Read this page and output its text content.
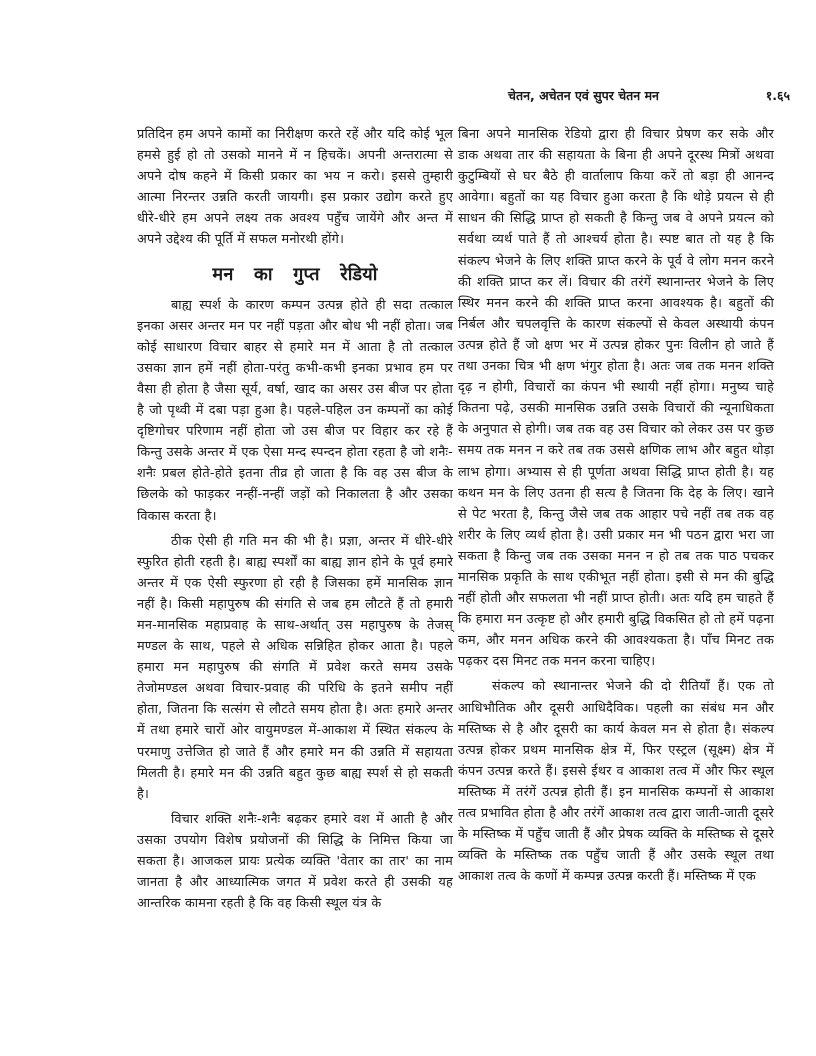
चेतन, अचेतन एवं सुपर चेतन मन	१.६५

प्रतिदिन हम अपने कामों का निरीक्षण करते रहें और यदि कोई भूल हमसे हुई हो तो उसको मानने में न हिचकें। अपनी अन्तरात्मा से अपने दोष कहने में किसी प्रकार का भय न करो। इससे तुम्हारी आत्मा निरन्तर उन्नति करती जायगी। इस प्रकार उद्योग करते हुए धीरे-धीरे हम अपने लक्ष्य तक अवश्य पहुँच जायेंगे और अन्त में अपने उद्देश्य की पूर्ति में सफल मनोरथी होंगे।

मन का गुप्त रेडियो

बाह्य स्पर्श के कारण कम्पन उत्पन्न होते ही सदा तत्काल इनका असर अन्तर मन पर नहीं पड़ता और बोध भी नहीं होता। जब कोई साधारण विचार बाहर से हमारे मन में आता है तो तत्काल उसका ज्ञान हमें नहीं होता-परंतु कभी-कभी इनका प्रभाव हम पर वैसा ही होता है जैसा सूर्य, वर्षा, खाद का असर उस बीज पर होता है जो पृथ्वी में दबा पड़ा हुआ है। पहले-पहिल उन कम्पनों का कोई दृष्टिगोचर परिणाम नहीं होता जो उस बीज पर विहार कर रहे हैं किन्तु उसके अन्तर में एक ऐसा मन्द स्पन्दन होता रहता है जो शनैः-शनैः प्रबल होते-होते इतना तीव्र हो जाता है कि वह उस बीज के छिलके को फाड़कर नन्हीं-नन्हीं जड़ों को निकालता है और उसका विकास करता है।

ठीक ऐसी ही गति मन की भी है। प्रज्ञा, अन्तर में धीरे-धीरे स्फुरित होती रहती है। बाह्य स्पर्शों का बाह्य ज्ञान होने के पूर्व हमारे अन्तर में एक ऐसी स्फुरणा हो रही है जिसका हमें मानसिक ज्ञान नहीं है। किसी महापुरुष की संगति से जब हम लौटते हैं तो हमारी मन-मानसिक महाप्रवाह के साथ-अर्थात् उस महापुरुष के तेजस् मण्डल के साथ, पहले से अधिक सन्निहित होकर आता है। पहले हमारा मन महापुरुष की संगति में प्रवेश करते समय उसके तेजोमण्डल अथवा विचार-प्रवाह की परिधि के इतने समीप नहीं होता, जितना कि सत्संग से लौटते समय होता है। अतः हमारे अन्तर में तथा हमारे चारों ओर वायुमण्डल में-आकाश में स्थित संकल्प के परमाणु उत्तेजित हो जाते हैं और हमारे मन की उन्नति में सहायता मिलती है। हमारे मन की उन्नति बहुत कुछ बाह्य स्पर्श से हो सकती है।

विचार शक्ति शनैः-शनैः बढ़कर हमारे वश में आती है और उसका उपयोग विशेष प्रयोजनों की सिद्धि के निमित्त किया जा सकता है। आजकल प्रायः प्रत्येक व्यक्ति 'वेतार का तार' का नाम जानता है और आध्यात्मिक जगत में प्रवेश करते ही उसकी यह आन्तरिक कामना रहती है कि वह किसी स्थूल यंत्र के

बिना अपने मानसिक रेडियो द्वारा ही विचार प्रेषण कर सके और डाक अथवा तार की सहायता के बिना ही अपने दूरस्थ मित्रों अथवा कुटुम्बियों से घर बैठे ही वार्तालाप किया करें तो बड़ा ही आनन्द आवेगा। बहुतों का यह विचार हुआ करता है कि थोड़े प्रयत्न से ही साधन की सिद्धि प्राप्त हो सकती है किन्तु जब वे अपने प्रयत्न को सर्वथा व्यर्थ पाते हैं तो आश्चर्य होता है। स्पष्ट बात तो यह है कि संकल्प भेजने के लिए शक्ति प्राप्त करने के पूर्व वे लोग मनन करने की शक्ति प्राप्त कर लें। विचार की तरंगें स्थानान्तर भेजने के लिए स्थिर मनन करने की शक्ति प्राप्त करना आवश्यक है। बहुतों की निर्बल और चपलवृत्ति के कारण संकल्पों से केवल अस्थायी कंपन उत्पन्न होते हैं जो क्षण भर में उत्पन्न होकर पुनः विलीन हो जाते हैं तथा उनका चित्र भी क्षण भंगुर होता है। अतः जब तक मनन शक्ति दृढ़ न होगी, विचारों का कंपन भी स्थायी नहीं होगा। मनुष्य चाहे कितना पढ़े, उसकी मानसिक उन्नति उसके विचारों की न्यूनाधिकता के अनुपात से होगी। जब तक वह उस विचार को लेकर उस पर कुछ समय तक मनन न करे तब तक उससे क्षणिक लाभ और बहुत थोड़ा लाभ होगा। अभ्यास से ही पूर्णता अथवा सिद्धि प्राप्त होती है। यह कथन मन के लिए उतना ही सत्य है जितना कि देह के लिए। खाने से पेट भरता है, किन्तु जैसे जब तक आहार पचे नहीं तब तक वह शरीर के लिए व्यर्थ होता है। उसी प्रकार मन भी पठन द्वारा भरा जा सकता है किन्तु जब तक उसका मनन न हो तब तक पाठ पचकर मानसिक प्रकृति के साथ एकीभूत नहीं होता। इसी से मन की बुद्धि नहीं होती और सफलता भी नहीं प्राप्त होती। अतः यदि हम चाहते हैं कि हमारा मन उत्कृष्ट हो और हमारी बुद्धि विकसित हो तो हमें पढ़ना कम, और मनन अधिक करने की आवश्यकता है। पाँच मिनट तक पढ़कर दस मिनट तक मनन करना चाहिए।

संकल्प को स्थानान्तर भेजने की दो रीतियाँ हैं। एक तो आधिभौतिक और दूसरी आधिदैविक। पहली का संबंध मन और मस्तिष्क से है और दूसरी का कार्य केवल मन से होता है। संकल्प उत्पन्न होकर प्रथम मानसिक क्षेत्र में, फिर एस्ट्रल (सूक्ष्म) क्षेत्र में कंपन उत्पन्न करते हैं। इससे ईथर व आकाश तत्व में और फिर स्थूल मस्तिष्क में तरंगें उत्पन्न होती हैं। इन मानसिक कम्पनों से आकाश तत्व प्रभावित होता है और तरंगें आकाश तत्व द्वारा जाती-जाती दूसरे के मस्तिष्क में पहुँच जाती हैं और प्रेषक व्यक्ति के मस्तिष्क से दूसरे व्यक्ति के मस्तिष्क तक पहुँच जाती हैं और उसके स्थूल तथा आकाश तत्व के कणों में कम्पन्न उत्पन्न करती हैं। मस्तिष्क में एक
